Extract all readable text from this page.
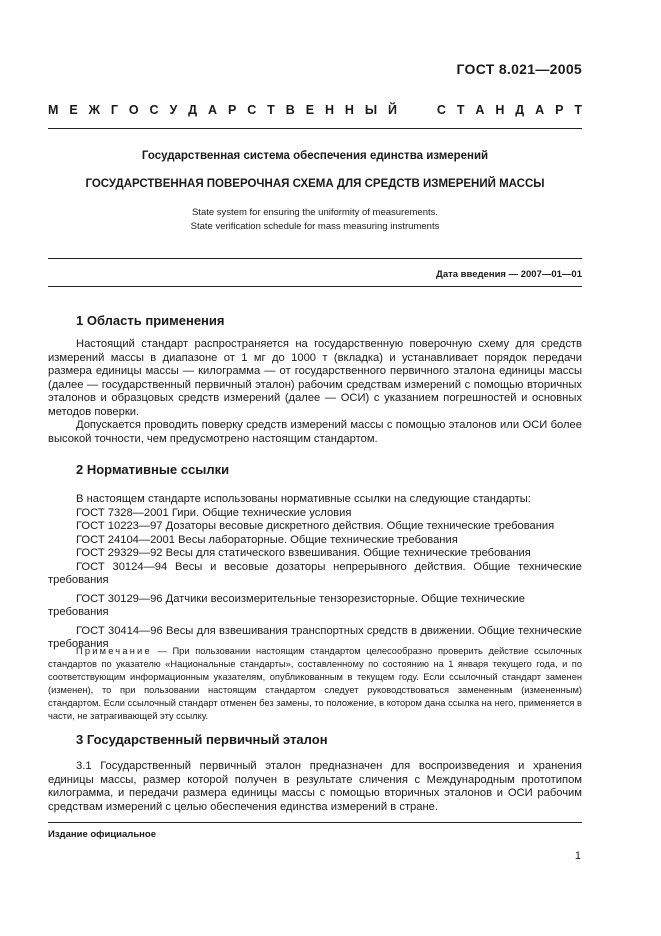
ГОСТ 8.021—2005
М Е Ж Г О С У Д А Р С Т В Е Н Н Ы Й	С Т А Н Д А Р Т
Государственная система обеспечения единства измерений
ГОСУДАРСТВЕННАЯ ПОВЕРОЧНАЯ СХЕМА ДЛЯ СРЕДСТВ ИЗМЕРЕНИЙ МАССЫ
State system for ensuring the uniformity of measurements.
State verification schedule for mass measuring instruments
Дата введения — 2007—01—01
1 Область применения

Настоящий стандарт распространяется на государственную поверочную схему для средств измерений массы в диапазоне от 1 мг до 1000 т (вкладка) и устанавливает порядок передачи размера единицы массы — килограмма — от государственного первичного эталона единицы массы (далее — государственный первичный эталон) рабочим средствам измерений с помощью вторичных эталонов и образцовых средств измерений (далее — ОСИ) с указанием погрешностей и основных методов поверки.

Допускается проводить поверку средств измерений массы с помощью эталонов или ОСИ более высокой точности, чем предусмотрено настоящим стандартом.

2 Нормативные ссылки

В настоящем стандарте использованы нормативные ссылки на следующие стандарты:

ГОСТ 7328—2001 Гири. Общие технические условия

ГОСТ 10223—97 Дозаторы весовые дискретного действия. Общие технические требования

ГОСТ 24104—2001 Весы лабораторные. Общие технические требования

ГОСТ 29329—92 Весы для статического взвешивания. Общие технические требования

ГОСТ 30124—94 Весы и весовые дозаторы непрерывного действия. Общие технические требования

ГОСТ 30129—96 Датчики весоизмерительные тензорезисторные. Общие технические требования

ГОСТ 30414—96 Весы для взвешивания транспортных средств в движении. Общие технические требования

Примечание — При пользовании настоящим стандартом целесообразно проверить действие ссылочных стандартов по указателю «Национальные стандарты», составленному по состоянию на 1 января текущего года, и по соответствующим информационным указателям, опубликованным в текущем году. Если ссылочный стандарт заменен (изменен), то при пользовании настоящим стандартом следует руководствоваться замененным (измененным) стандартом. Если ссылочный стандарт отменен без замены, то положение, в котором дана ссылка на него, применяется в части, не затрагивающей эту ссылку.

3 Государственный первичный эталон

3.1 Государственный первичный эталон предназначен для воспроизведения и хранения единицы массы, размер которой получен в результате сличения с Международным прототипом килограмма, и передачи размера единицы массы с помощью вторичных эталонов и ОСИ рабочим средствам измерений с целью обеспечения единства измерений в стране.

Издание официальное
1
